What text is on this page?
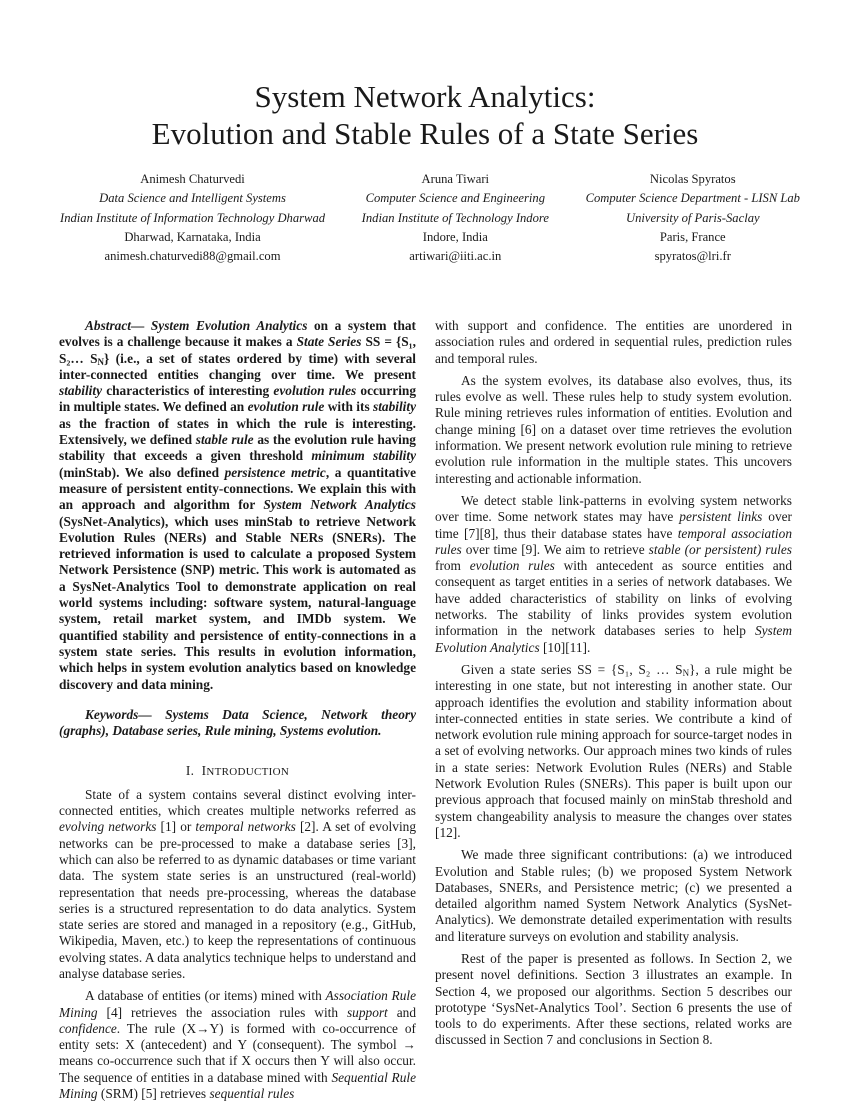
System Network Analytics:
Evolution and Stable Rules of a State Series
Animesh Chaturvedi
Data Science and Intelligent Systems
Indian Institute of Information Technology Dharwad
Dharwad, Karnataka, India
animesh.chaturvedi88@gmail.com
Aruna Tiwari
Computer Science and Engineering
Indian Institute of Technology Indore
Indore, India
artiwari@iiti.ac.in
Nicolas Spyratos
Computer Science Department - LISN Lab
University of Paris-Saclay
Paris, France
spyratos@lri.fr

Abstract— System Evolution Analytics on a system that evolves is a challenge because it makes a State Series SS = {S₁, S₂… $S_N$} (i.e., a set of states ordered by time) with several inter-connected entities changing over time. We present stability characteristics of interesting evolution rules occurring in multiple states. We defined an evolution rule with its stability as the fraction of states in which the rule is interesting. Extensively, we defined stable rule as the evolution rule having stability that exceeds a given threshold minimum stability (minStab). We also defined persistence metric, a quantitative measure of persistent entity-connections. We explain this with an approach and algorithm for System Network Analytics (SysNet-Analytics), which uses minStab to retrieve Network Evolution Rules (NERs) and Stable NERs (SNERs). The retrieved information is used to calculate a proposed System Network Persistence (SNP) metric. This work is automated as a SysNet-Analytics Tool to demonstrate application on real world systems including: software system, natural-language system, retail market system, and IMDb system. We quantified stability and persistence of entity-connections in a system state series. This results in evolution information, which helps in system evolution analytics based on knowledge discovery and data mining.

Keywords— Systems Data Science, Network theory (graphs), Database series, Rule mining, Systems evolution.

I. INTRODUCTION

State of a system contains several distinct evolving inter-connected entities, which creates multiple networks referred as evolving networks [1] or temporal networks [2]. A set of evolving networks can be pre-processed to make a database series [3], which can also be referred to as dynamic databases or time variant data. The system state series is an unstructured (real-world) representation that needs pre-processing, whereas the database series is a structured representation to do data analytics. System state series are stored and managed in a repository (e.g., GitHub, Wikipedia, Maven, etc.) to keep the representations of continuous evolving states. A data analytics technique helps to understand and analyse database series.

A database of entities (or items) mined with Association Rule Mining [4] retrieves the association rules with support and confidence. The rule (X→Y) is formed with co-occurrence of entity sets: X (antecedent) and Y (consequent). The symbol → means co-occurrence such that if X occurs then Y will also occur. The sequence of entities in a database mined with Sequential Rule Mining (SRM) [5] retrieves sequential rules

with support and confidence. The entities are unordered in association rules and ordered in sequential rules, prediction rules and temporal rules.

As the system evolves, its database also evolves, thus, its rules evolve as well. These rules help to study system evolution. Rule mining retrieves rules information of entities. Evolution and change mining [6] on a dataset over time retrieves the evolution information. We present network evolution rule mining to retrieve evolution rule information in the multiple states. This uncovers interesting and actionable information.

We detect stable link-patterns in evolving system networks over time. Some network states may have persistent links over time [7][8], thus their database states have temporal association rules over time [9]. We aim to retrieve stable (or persistent) rules from evolution rules with antecedent as source entities and consequent as target entities in a series of network databases. We have added characteristics of stability on links of evolving networks. The stability of links provides system evolution information in the network databases series to help System Evolution Analytics [10][11].

Given a state series SS = {S₁, S₂ … $S_N$}, a rule might be interesting in one state, but not interesting in another state. Our approach identifies the evolution and stability information about inter-connected entities in state series. We contribute a kind of network evolution rule mining approach for source-target nodes in a set of evolving networks. Our approach mines two kinds of rules in a state series: Network Evolution Rules (NERs) and Stable Network Evolution Rules (SNERs). This paper is built upon our previous approach that focused mainly on minStab threshold and system changeability analysis to measure the changes over states [12].

We made three significant contributions: (a) we introduced Evolution and Stable rules; (b) we proposed System Network Databases, SNERs, and Persistence metric; (c) we presented a detailed algorithm named System Network Analytics (SysNet-Analytics). We demonstrate detailed experimentation with results and literature surveys on evolution and stability analysis.

Rest of the paper is presented as follows. In Section 2, we present novel definitions. Section 3 illustrates an example. In Section 4, we proposed our algorithms. Section 5 describes our prototype ‘SysNet-Analytics Tool’. Section 6 presents the use of tools to do experiments. After these sections, related works are discussed in Section 7 and conclusions in Section 8.
